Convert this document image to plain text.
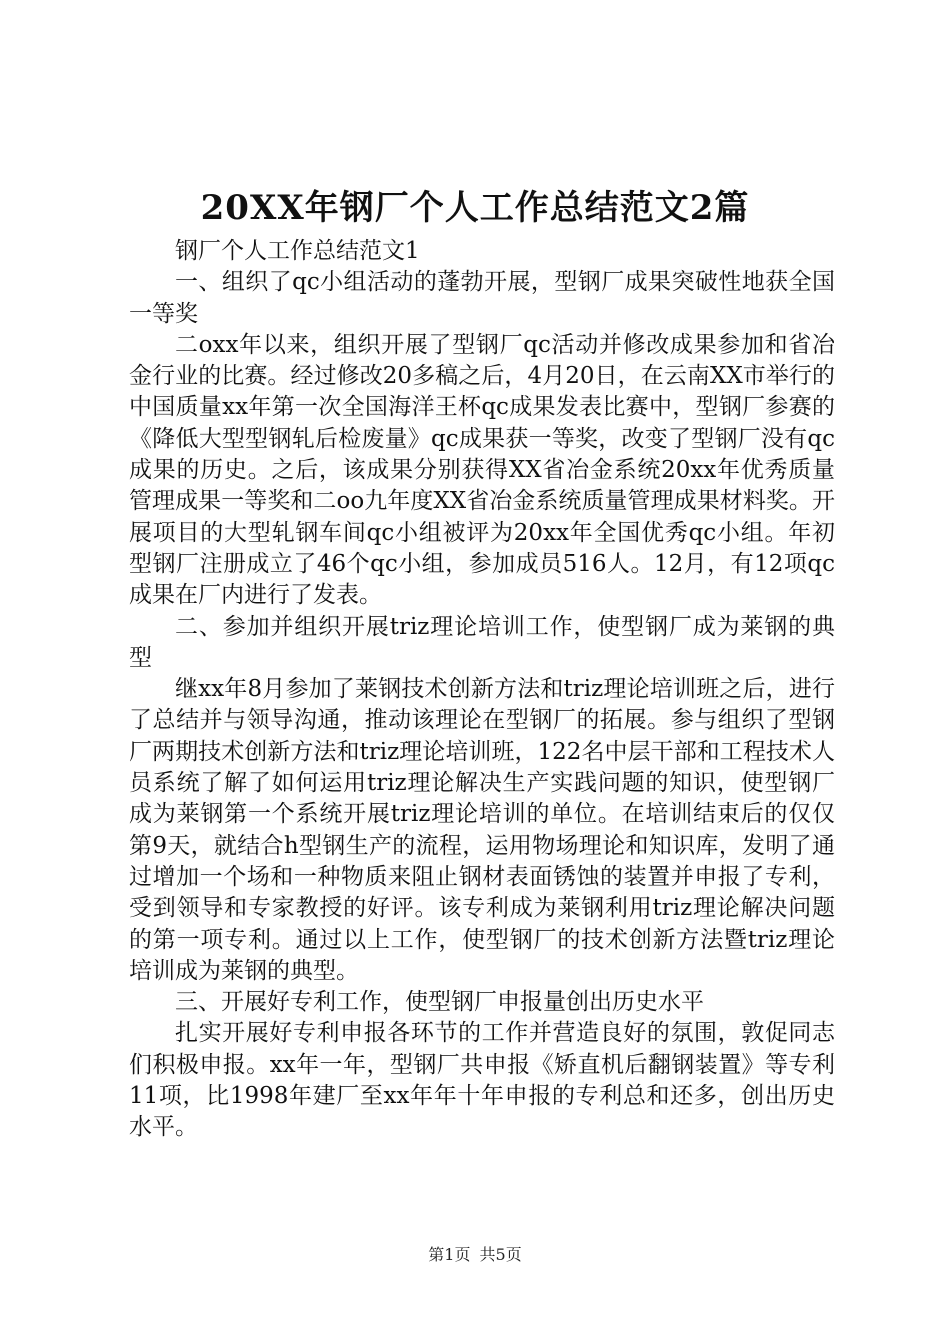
20XX年钢厂个人工作总结范文2篇

钢厂个人工作总结范文1

一、组织了qc小组活动的蓬勃开展，型钢厂成果突破性地获全国一等奖

二oxx年以来，组织开展了型钢厂qc活动并修改成果参加和省冶金行业的比赛。经过修改20多稿之后，4月20日，在云南XX市举行的中国质量xx年第一次全国海洋王杯qc成果发表比赛中，型钢厂参赛的《降低大型型钢轧后检废量》qc成果获一等奖，改变了型钢厂没有qc成果的历史。之后，该成果分别获得XX省冶金系统20xx年优秀质量管理成果一等奖和二oo九年度XX省冶金系统质量管理成果材料奖。开展项目的大型轧钢车间qc小组被评为20xx年全国优秀qc小组。年初型钢厂注册成立了46个qc小组，参加成员516人。12月，有12项qc成果在厂内进行了发表。

二、参加并组织开展triz理论培训工作，使型钢厂成为莱钢的典型

继xx年8月参加了莱钢技术创新方法和triz理论培训班之后，进行了总结并与领导沟通，推动该理论在型钢厂的拓展。参与组织了型钢厂两期技术创新方法和triz理论培训班，122名中层干部和工程技术人员系统了解了如何运用triz理论解决生产实践问题的知识，使型钢厂成为莱钢第一个系统开展triz理论培训的单位。在培训结束后的仅仅第9天，就结合h型钢生产的流程，运用物场理论和知识库，发明了通过增加一个场和一种物质来阻止钢材表面锈蚀的装置并申报了专利，受到领导和专家教授的好评。该专利成为莱钢利用triz理论解决问题的第一项专利。通过以上工作，使型钢厂的技术创新方法暨triz理论培训成为莱钢的典型。

三、开展好专利工作，使型钢厂申报量创出历史水平

扎实开展好专利申报各环节的工作并营造良好的氛围，敦促同志们积极申报。xx年一年，型钢厂共申报《矫直机后翻钢装置》等专利11项，比1998年建厂至xx年年十年申报的专利总和还多，创出历史水平。

第1页 共5页
